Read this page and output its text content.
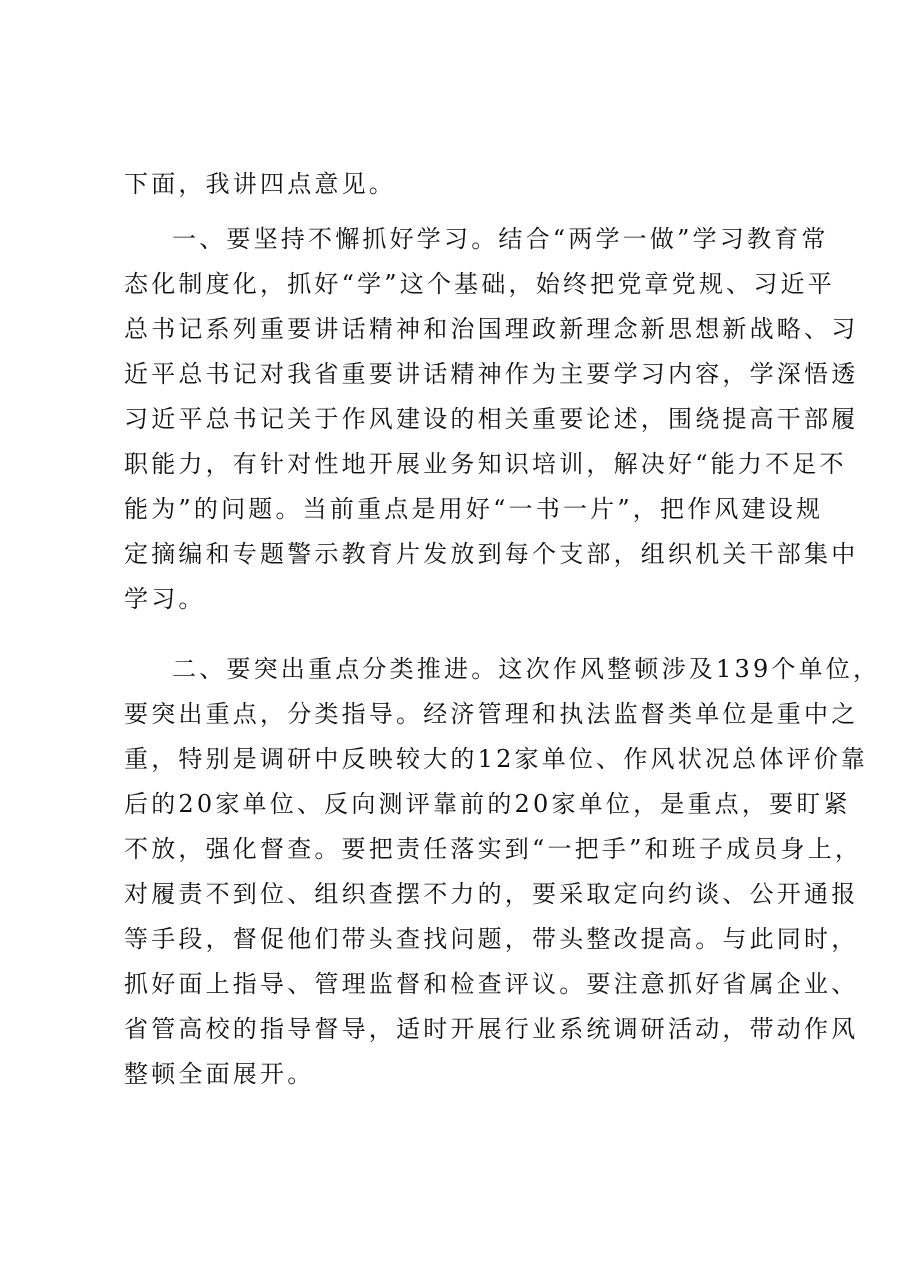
下面，我讲四点意见。
一、要坚持不懈抓好学习。结合“两学一做”学习教育常
态化制度化，抓好“学”这个基础，始终把党章党规、习近平
总书记系列重要讲话精神和治国理政新理念新思想新战略、习
近平总书记对我省重要讲话精神作为主要学习内容，学深悟透
习近平总书记关于作风建设的相关重要论述，围绕提高干部履
职能力，有针对性地开展业务知识培训，解决好“能力不足不
能为”的问题。当前重点是用好“一书一片”，把作风建设规
定摘编和专题警示教育片发放到每个支部，组织机关干部集中
学习。
二、要突出重点分类推进。这次作风整顿涉及139个单位，
要突出重点，分类指导。经济管理和执法监督类单位是重中之
重，特别是调研中反映较大的12家单位、作风状况总体评价靠
后的20家单位、反向测评靠前的20家单位，是重点，要盯紧
不放，强化督查。要把责任落实到“一把手”和班子成员身上，
对履责不到位、组织查摆不力的，要采取定向约谈、公开通报
等手段，督促他们带头查找问题，带头整改提高。与此同时，
抓好面上指导、管理监督和检查评议。要注意抓好省属企业、
省管高校的指导督导，适时开展行业系统调研活动，带动作风
整顿全面展开。
